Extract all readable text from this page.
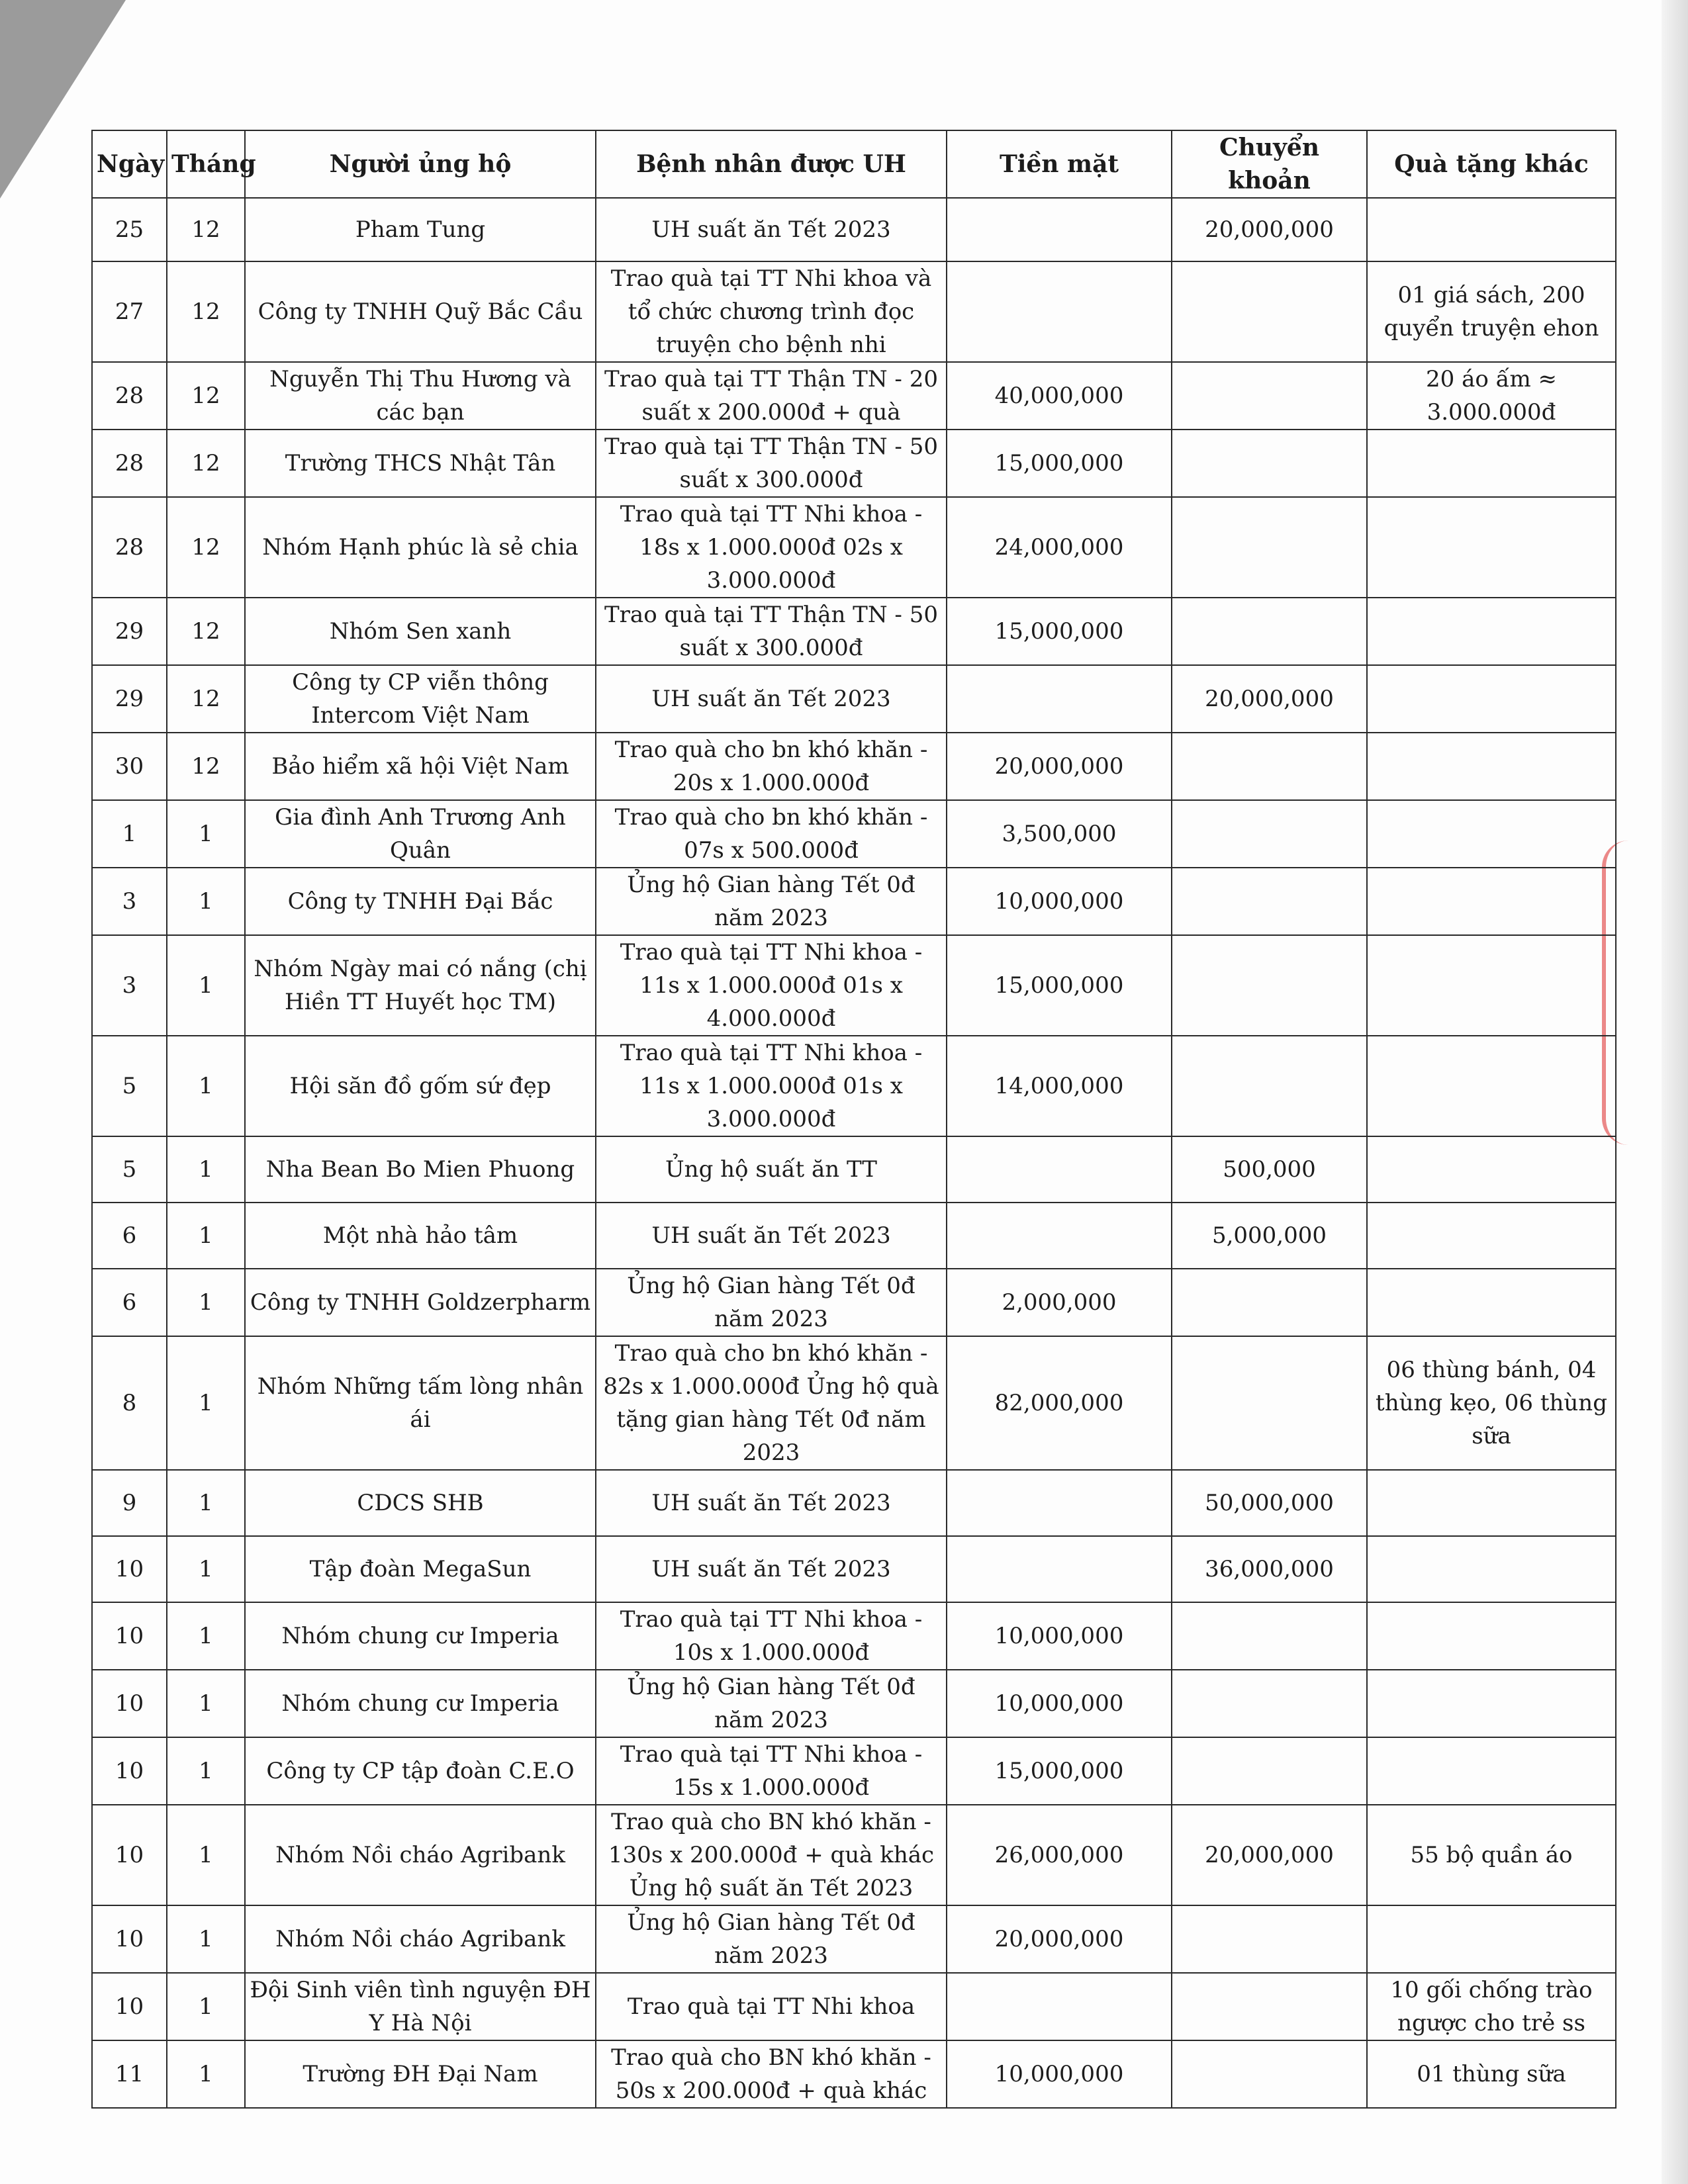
Ngày	Tháng	Người ủng hộ	Bệnh nhân được UH	Tiền mặt	Chuyển khoản	Quà tặng khác
25	12	Pham Tung	UH suất ăn Tết 2023		20,000,000	
27	12	Công ty TNHH Quỹ Bắc Cầu	Trao quà tại TT Nhi khoa và tổ chức chương trình đọc truyện cho bệnh nhi			01 giá sách, 200 quyển truyện ehon
28	12	Nguyễn Thị Thu Hương và các bạn	Trao quà tại TT Thận TN - 20 suất x 200.000đ + quà	40,000,000		20 áo ấm ≈ 3.000.000đ
28	12	Trường THCS Nhật Tân	Trao quà tại TT Thận TN - 50 suất x 300.000đ	15,000,000		
28	12	Nhóm Hạnh phúc là sẻ chia	Trao quà tại TT Nhi khoa - 18s x 1.000.000đ 02s x 3.000.000đ	24,000,000		
29	12	Nhóm Sen xanh	Trao quà tại TT Thận TN - 50 suất x 300.000đ	15,000,000		
29	12	Công ty CP viễn thông Intercom Việt Nam	UH suất ăn Tết 2023		20,000,000	
30	12	Bảo hiểm xã hội Việt Nam	Trao quà cho bn khó khăn - 20s x 1.000.000đ	20,000,000		
1	1	Gia đình Anh Trương Anh Quân	Trao quà cho bn khó khăn - 07s x 500.000đ	3,500,000		
3	1	Công ty TNHH Đại Bắc	Ủng hộ Gian hàng Tết 0đ năm 2023	10,000,000		
3	1	Nhóm Ngày mai có nắng (chị Hiền TT Huyết học TM)	Trao quà tại TT Nhi khoa - 11s x 1.000.000đ 01s x 4.000.000đ	15,000,000		
5	1	Hội săn đồ gốm sứ đẹp	Trao quà tại TT Nhi khoa - 11s x 1.000.000đ 01s x 3.000.000đ	14,000,000		
5	1	Nha Bean Bo Mien Phuong	Ủng hộ suất ăn TT		500,000	
6	1	Một nhà hảo tâm	UH suất ăn Tết 2023		5,000,000	
6	1	Công ty TNHH Goldzerpharm	Ủng hộ Gian hàng Tết 0đ năm 2023	2,000,000		
8	1	Nhóm Những tấm lòng nhân ái	Trao quà cho bn khó khăn - 82s x 1.000.000đ Ủng hộ quà tặng gian hàng Tết 0đ năm 2023	82,000,000		06 thùng bánh, 04 thùng kẹo, 06 thùng sữa
9	1	CDCS SHB	UH suất ăn Tết 2023		50,000,000	
10	1	Tập đoàn MegaSun	UH suất ăn Tết 2023		36,000,000	
10	1	Nhóm chung cư Imperia	Trao quà tại TT Nhi khoa - 10s x 1.000.000đ	10,000,000		
10	1	Nhóm chung cư Imperia	Ủng hộ Gian hàng Tết 0đ năm 2023	10,000,000		
10	1	Công ty CP tập đoàn C.E.O	Trao quà tại TT Nhi khoa - 15s x 1.000.000đ	15,000,000		
10	1	Nhóm Nồi cháo Agribank	Trao quà cho BN khó khăn - 130s x 200.000đ + quà khác Ủng hộ suất ăn Tết 2023	26,000,000	20,000,000	55 bộ quần áo
10	1	Nhóm Nồi cháo Agribank	Ủng hộ Gian hàng Tết 0đ năm 2023	20,000,000		
10	1	Đội Sinh viên tình nguyện ĐH Y Hà Nội	Trao quà tại TT Nhi khoa			10 gối chống trào ngược cho trẻ ss
11	1	Trường ĐH Đại Nam	Trao quà cho BN khó khăn - 50s x 200.000đ + quà khác	10,000,000		01 thùng sữa
